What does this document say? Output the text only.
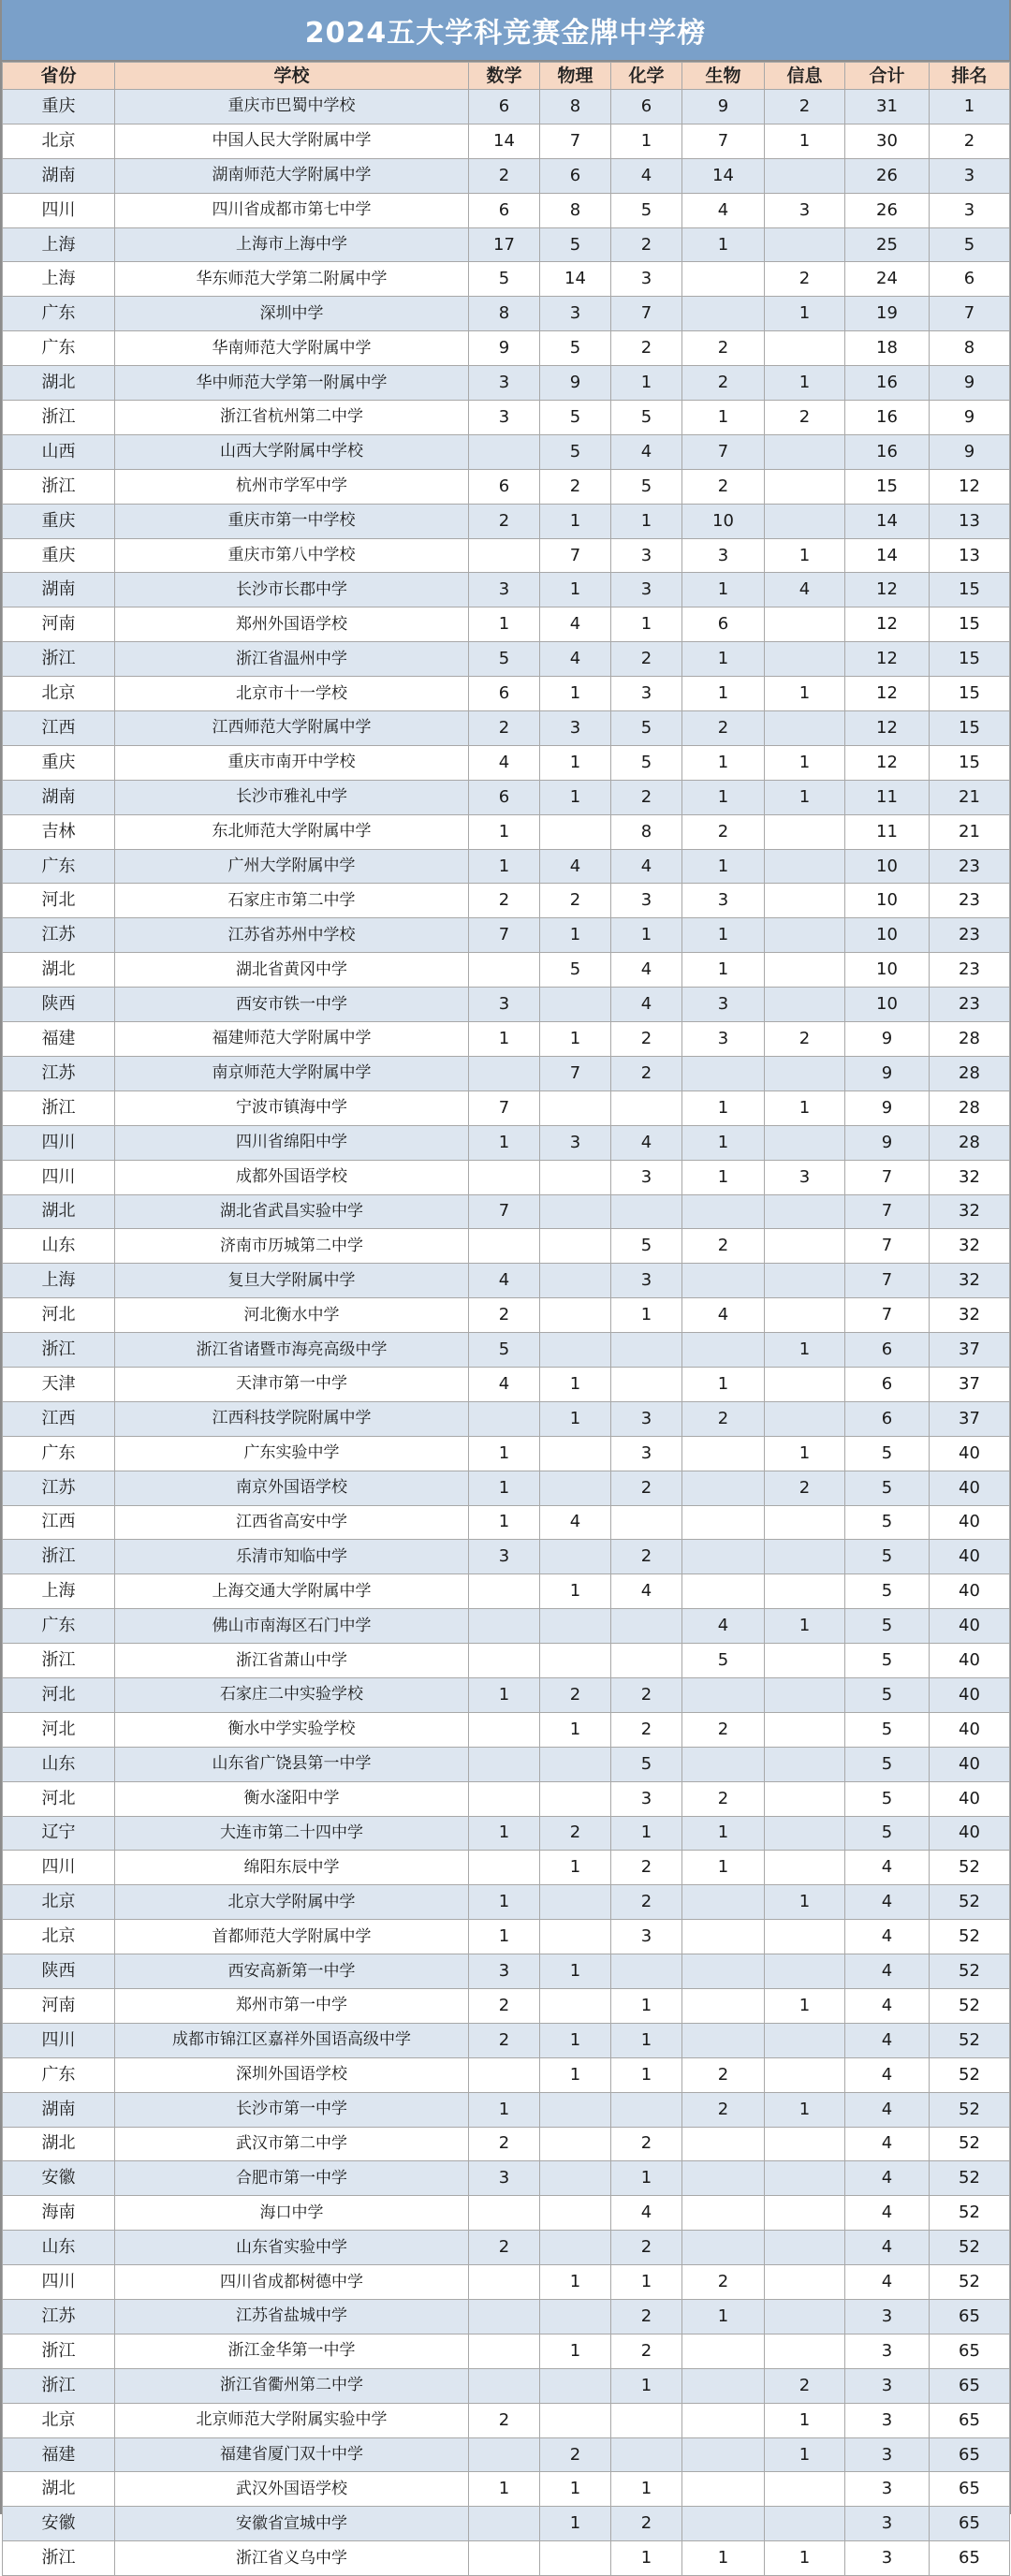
2024五大学科竞赛金牌中学榜
省份	学校	数学	物理	化学	生物	信息	合计	排名
重庆	重庆市巴蜀中学校	6	8	6	9	2	31	1
北京	中国人民大学附属中学	14	7	1	7	1	30	2
湖南	湖南师范大学附属中学	2	6	4	14		26	3
四川	四川省成都市第七中学	6	8	5	4	3	26	3
上海	上海市上海中学	17	5	2	1		25	5
上海	华东师范大学第二附属中学	5	14	3		2	24	6
广东	深圳中学	8	3	7		1	19	7
广东	华南师范大学附属中学	9	5	2	2		18	8
湖北	华中师范大学第一附属中学	3	9	1	2	1	16	9
浙江	浙江省杭州第二中学	3	5	5	1	2	16	9
山西	山西大学附属中学校		5	4	7		16	9
浙江	杭州市学军中学	6	2	5	2		15	12
重庆	重庆市第一中学校	2	1	1	10		14	13
重庆	重庆市第八中学校		7	3	3	1	14	13
湖南	长沙市长郡中学	3	1	3	1	4	12	15
河南	郑州外国语学校	1	4	1	6		12	15
浙江	浙江省温州中学	5	4	2	1		12	15
北京	北京市十一学校	6	1	3	1	1	12	15
江西	江西师范大学附属中学	2	3	5	2		12	15
重庆	重庆市南开中学校	4	1	5	1	1	12	15
湖南	长沙市雅礼中学	6	1	2	1	1	11	21
吉林	东北师范大学附属中学	1		8	2		11	21
广东	广州大学附属中学	1	4	4	1		10	23
河北	石家庄市第二中学	2	2	3	3		10	23
江苏	江苏省苏州中学校	7	1	1	1		10	23
湖北	湖北省黄冈中学		5	4	1		10	23
陕西	西安市铁一中学	3		4	3		10	23
福建	福建师范大学附属中学	1	1	2	3	2	9	28
江苏	南京师范大学附属中学		7	2			9	28
浙江	宁波市镇海中学	7			1	1	9	28
四川	四川省绵阳中学	1	3	4	1		9	28
四川	成都外国语学校			3	1	3	7	32
湖北	湖北省武昌实验中学	7					7	32
山东	济南市历城第二中学			5	2		7	32
上海	复旦大学附属中学	4		3			7	32
河北	河北衡水中学	2		1	4		7	32
浙江	浙江省诸暨市海亮高级中学	5				1	6	37
天津	天津市第一中学	4	1		1		6	37
江西	江西科技学院附属中学		1	3	2		6	37
广东	广东实验中学	1		3		1	5	40
江苏	南京外国语学校	1		2		2	5	40
江西	江西省高安中学	1	4				5	40
浙江	乐清市知临中学	3		2			5	40
上海	上海交通大学附属中学		1	4			5	40
广东	佛山市南海区石门中学				4	1	5	40
浙江	浙江省萧山中学				5		5	40
河北	石家庄二中实验学校	1	2	2			5	40
河北	衡水中学实验学校		1	2	2		5	40
山东	山东省广饶县第一中学			5			5	40
河北	衡水滏阳中学			3	2		5	40
辽宁	大连市第二十四中学	1	2	1	1		5	40
四川	绵阳东辰中学		1	2	1		4	52
北京	北京大学附属中学	1		2		1	4	52
北京	首都师范大学附属中学	1		3			4	52
陕西	西安高新第一中学	3	1				4	52
河南	郑州市第一中学	2		1		1	4	52
四川	成都市锦江区嘉祥外国语高级中学	2	1	1			4	52
广东	深圳外国语学校		1	1	2		4	52
湖南	长沙市第一中学	1			2	1	4	52
湖北	武汉市第二中学	2		2			4	52
安徽	合肥市第一中学	3		1			4	52
海南	海口中学			4			4	52
山东	山东省实验中学	2		2			4	52
四川	四川省成都树德中学		1	1	2		4	52
江苏	江苏省盐城中学			2	1		3	65
浙江	浙江金华第一中学		1	2			3	65
浙江	浙江省衢州第二中学			1		2	3	65
北京	北京师范大学附属实验中学	2				1	3	65
福建	福建省厦门双十中学		2			1	3	65
湖北	武汉外国语学校	1	1	1			3	65
安徽	安徽省宣城中学		1	2			3	65
浙江	浙江省义乌中学			1	1	1	3	65
